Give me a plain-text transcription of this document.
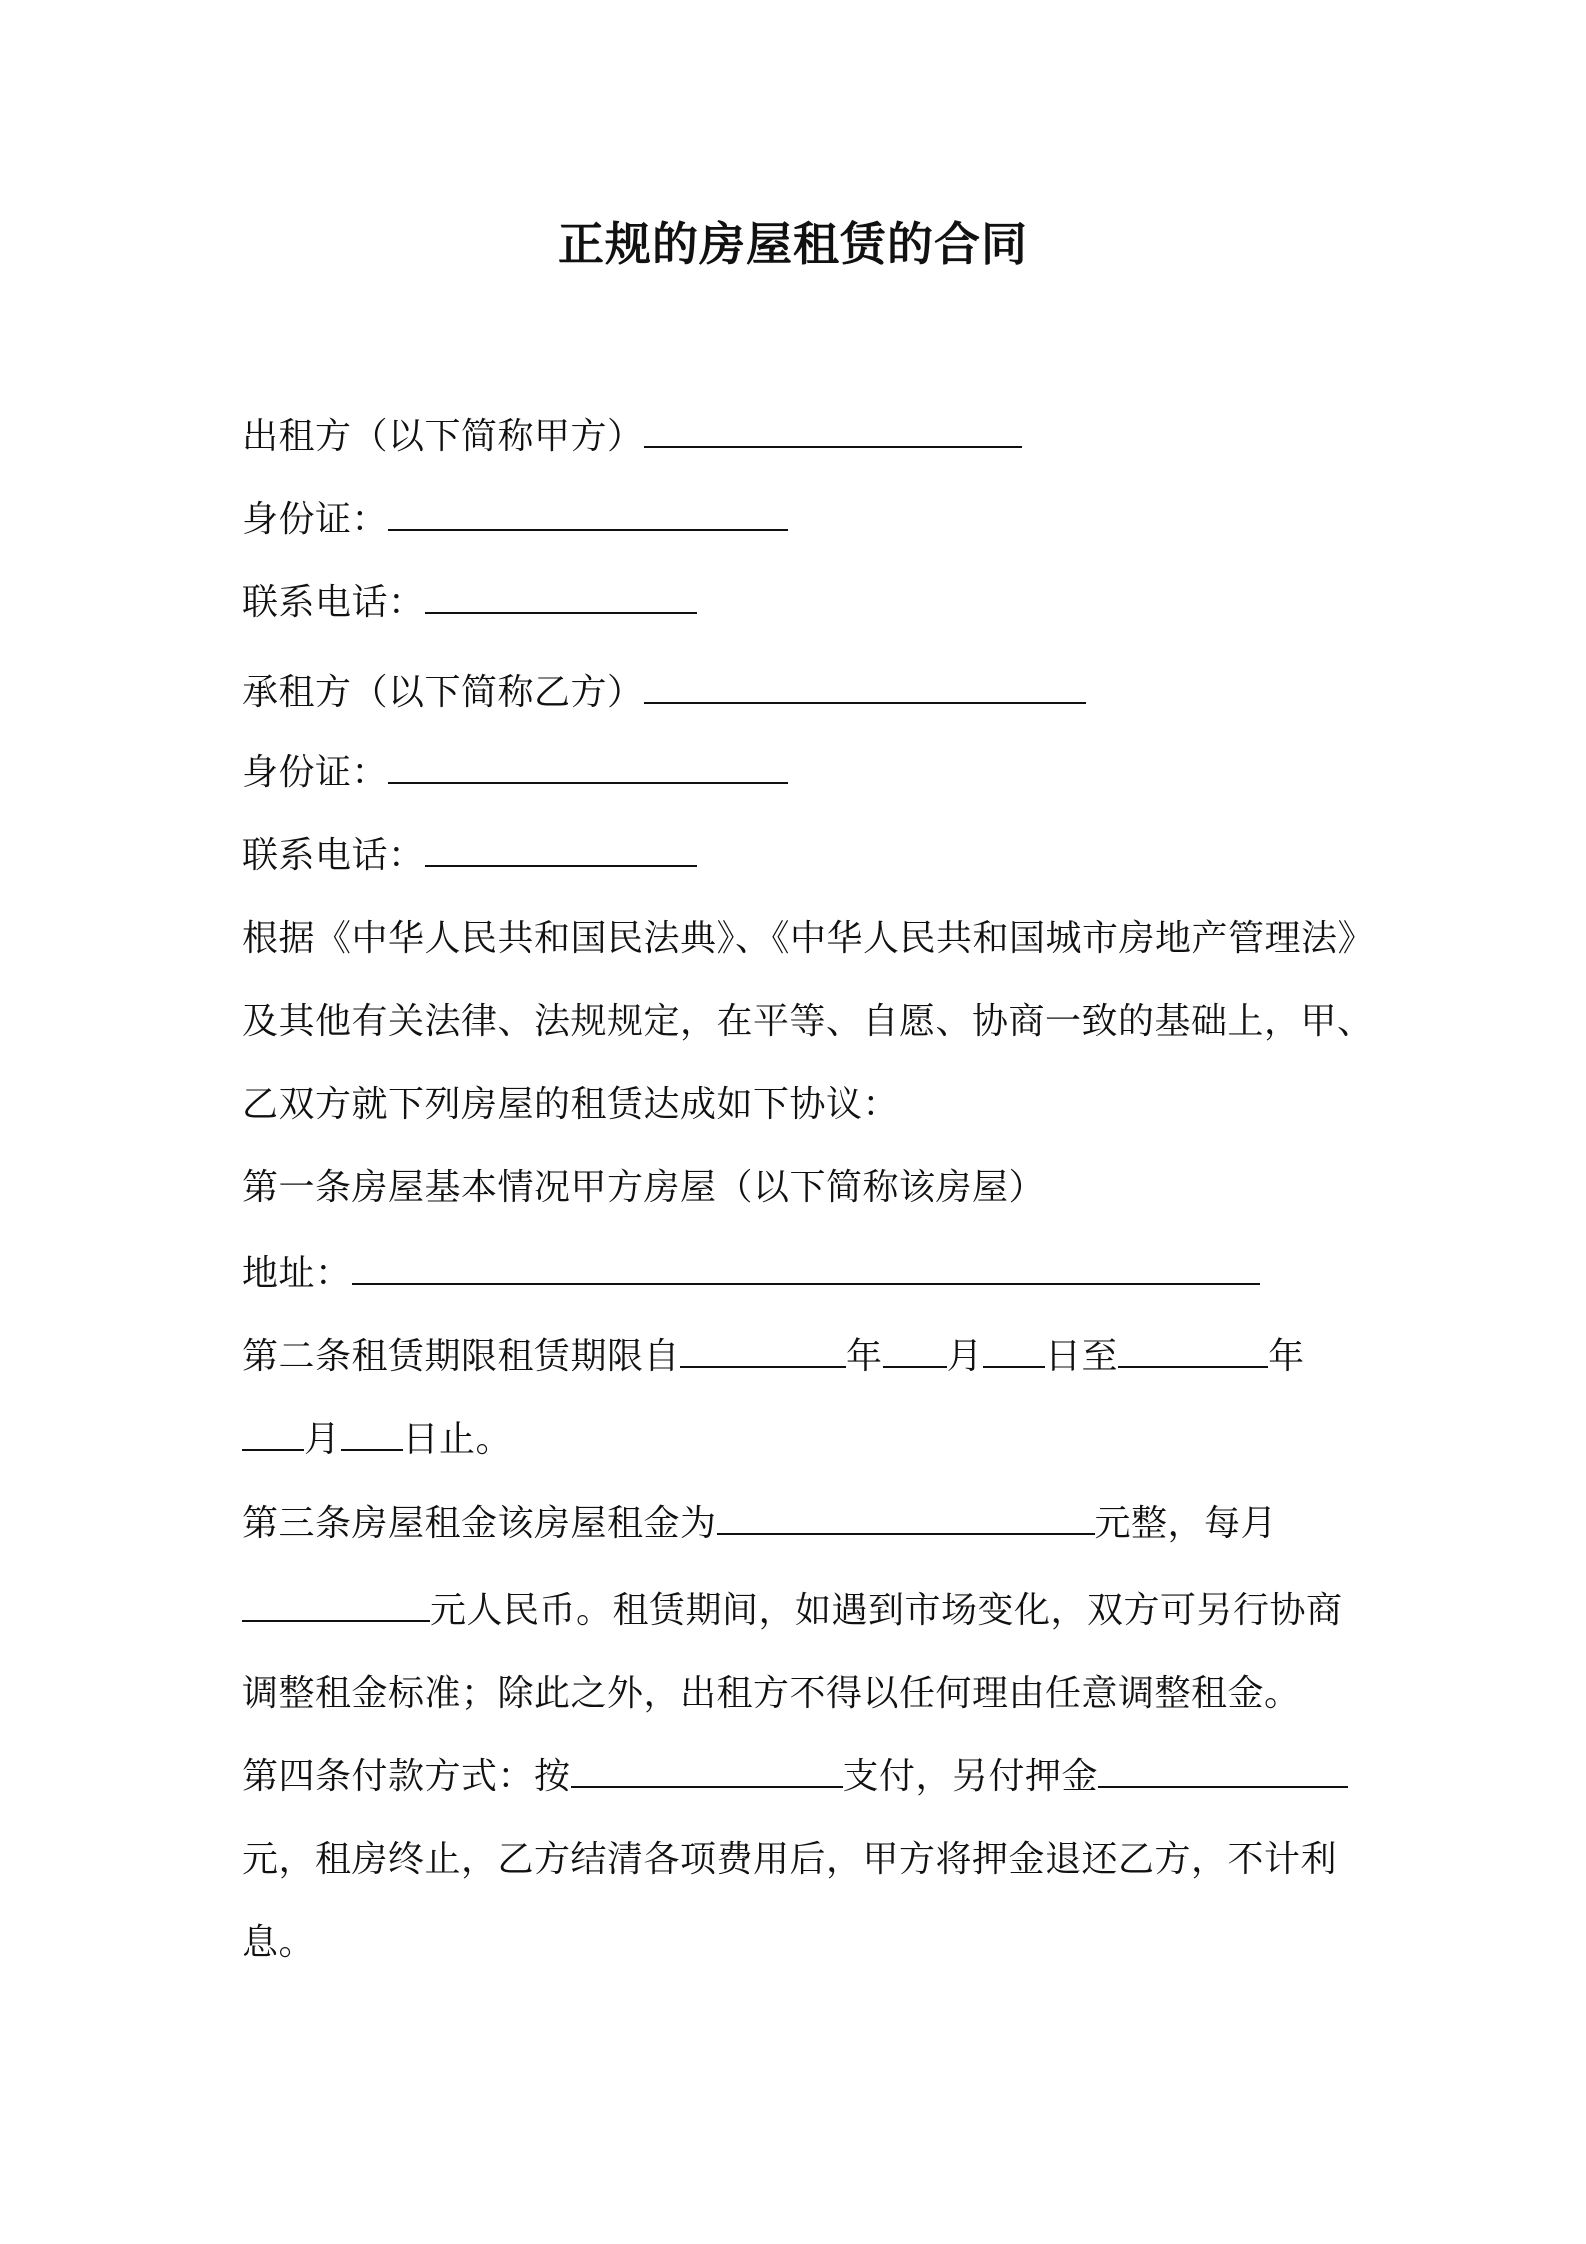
正规的房屋租赁的合同
出租方（以下简称甲方）
身份证：
联系电话：
承租方（以下简称乙方）
身份证：
联系电话：
根据《中华人民共和国民法典》、《中华人民共和国城市房地产管理法》
及其他有关法律、法规规定，在平等、自愿、协商一致的基础上，甲、
乙双方就下列房屋的租赁达成如下协议：
第一条房屋基本情况甲方房屋（以下简称该房屋）
地址：
第二条租赁期限租赁期限自	年 月 日至	年
月 日止。
第三条房屋租金该房屋租金为	元整，每月
元人民币。租赁期间，如遇到市场变化，双方可另行协商
调整租金标准；除此之外，出租方不得以任何理由任意调整租金。
第四条付款方式：按	支付，另付押金
元，租房终止，乙方结清各项费用后，甲方将押金退还乙方，不计利
息。
